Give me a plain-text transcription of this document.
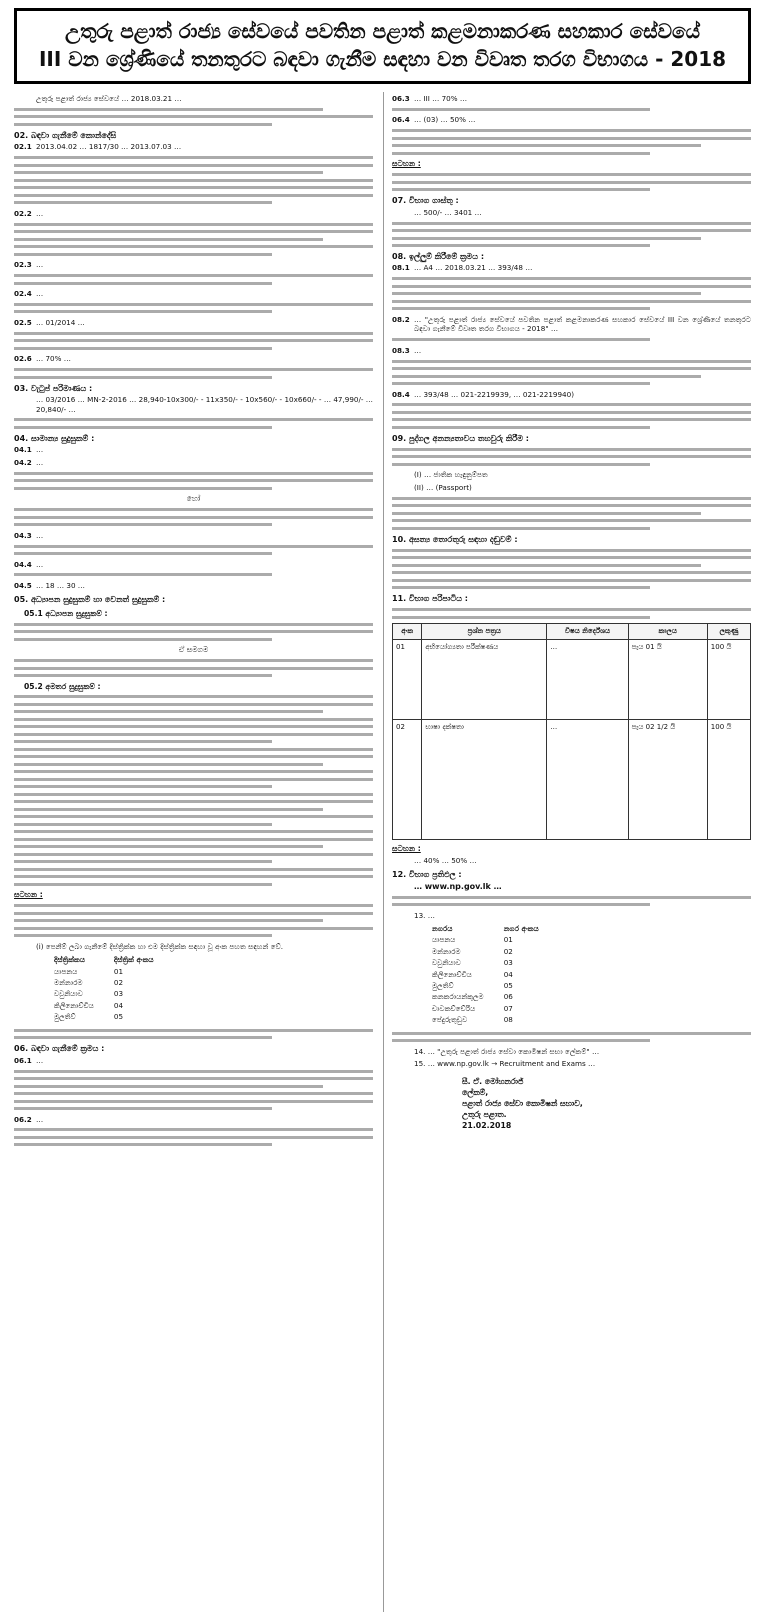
උතුරු පළාත් රාජ්‍ය සේවයේ පවතින පළාත් කළමනාකරණ සහකාර සේවයේ
III වන ශ්‍රේණියේ තනතුරට බඳවා ගැනීම සඳහා වන විවෘත තරග විභාගය - 2018
උතුරු පළාත් රාජ්‍ය සේවයේ … 2018.03.21 …
02. බඳවා ගැනීමේ කොන්දේසි
02.1 2013.04.02 … 1817/30 … 2013.07.03 …
02.2 …
02.3 …
02.4 …
02.5 … 01/2014 …
02.6 … 70% …
03. වැටුප් පරිමාණය :
… 03/2016 … MN-2-2016 … 28,940-10x300/- - 11x350/- - 10x560/- - 10x660/- - … 47,990/- … 20,840/- …
04. සාමාන්‍ය සුදුසුකම් :
04.1 …
04.2 …
හෝ
04.3 …
04.4 …
04.5 … 18 … 30 …
05. අධ්‍යාපන සුදුසුකම් හා වෙනත් සුදුසුකම් :
05.1 අධ්‍යාපන සුදුසුකම් :
ඒ සමගම
05.2 අමතර සුදුසුකම් :
සටහන :
(i) පෙනීම් ලබා ගැනීමේ දිස්ත්‍රික්ක හා එම දිස්ත්‍රික්ක සඳහා වූ අංක පහත සඳහන් වේ.
දිස්ත්‍රික්කය	දිස්ත්‍රික් අංකය
යාපනය	01
මන්නාරම	02
වවුනියාව	03
කිලිනොච්චිය	04
මුලතිව්	05
06. බඳවා ගැනීමේ ක්‍රමය :
06.1 …
06.2 …
06.3 … III … 70% …
06.4 … (03) … 50% …
සටහන :
07. විභාග ගාස්තු :
… 500/- … 3401 …
08. ඉල්ලුම් කිරීමේ ක්‍රමය :
08.1 … A4 … 2018.03.21 … 393/48 …
08.2 … "උතුරු පළාත් රාජ්‍ය සේවයේ පවතින පළාත් කළමනාකරණ සහකාර සේවයේ III වන ශ්‍රේණියේ තනතුරට බඳවා ගැනීමේ විවෘත තරග විභාගය - 2018" …
08.3 …
08.4 … 393/48 … 021-2219939, … 021-2219940)
09. පුද්ගල අනන්‍යතාවය තහවුරු කිරීම :
(I) … ජාතික හැඳුනුම්පත
(II) … (Passport)
10. අසත්‍ය තොරතුරු සඳහා දඬුවම් :
11. විභාග පරිපාටිය :
අංක	ප්‍රශ්න පත්‍රය	විෂය නිර්දේශය	කාලය	ලකුණු
01	අභියෝග්‍යතා පරීක්ෂණය	…	පැය 01 යි	100 යි
02	භාෂා දක්ෂතා	…	පැය 02 1/2 යි	100 යි
සටහන :
… 40% … 50% …
12. විභාග ප්‍රතිඵල :
… www.np.gov.lk …
13. …
නගරය	නගර අංකය
යාපනය	01
මන්නාරම	02
වවුනියාව	03
කිලිනොච්චිය	04
මුලතිව්	05
කනකරායන්කුලම	06
චාවකච්චේරිය	07
පේදුරුතුඩුව	08
14. … "උතුරු පළාත් රාජ්‍ය සේවා කොමිෂන් සභා ලේකම්" …
15. … www.np.gov.lk → Recruitment and Exams …
සී. ඒ. මෝහනරාජ්
ලේකම්,
පළාත් රාජ්‍ය සේවා කොමිෂන් සභාව,
උතුරු පළාත.
21.02.2018
